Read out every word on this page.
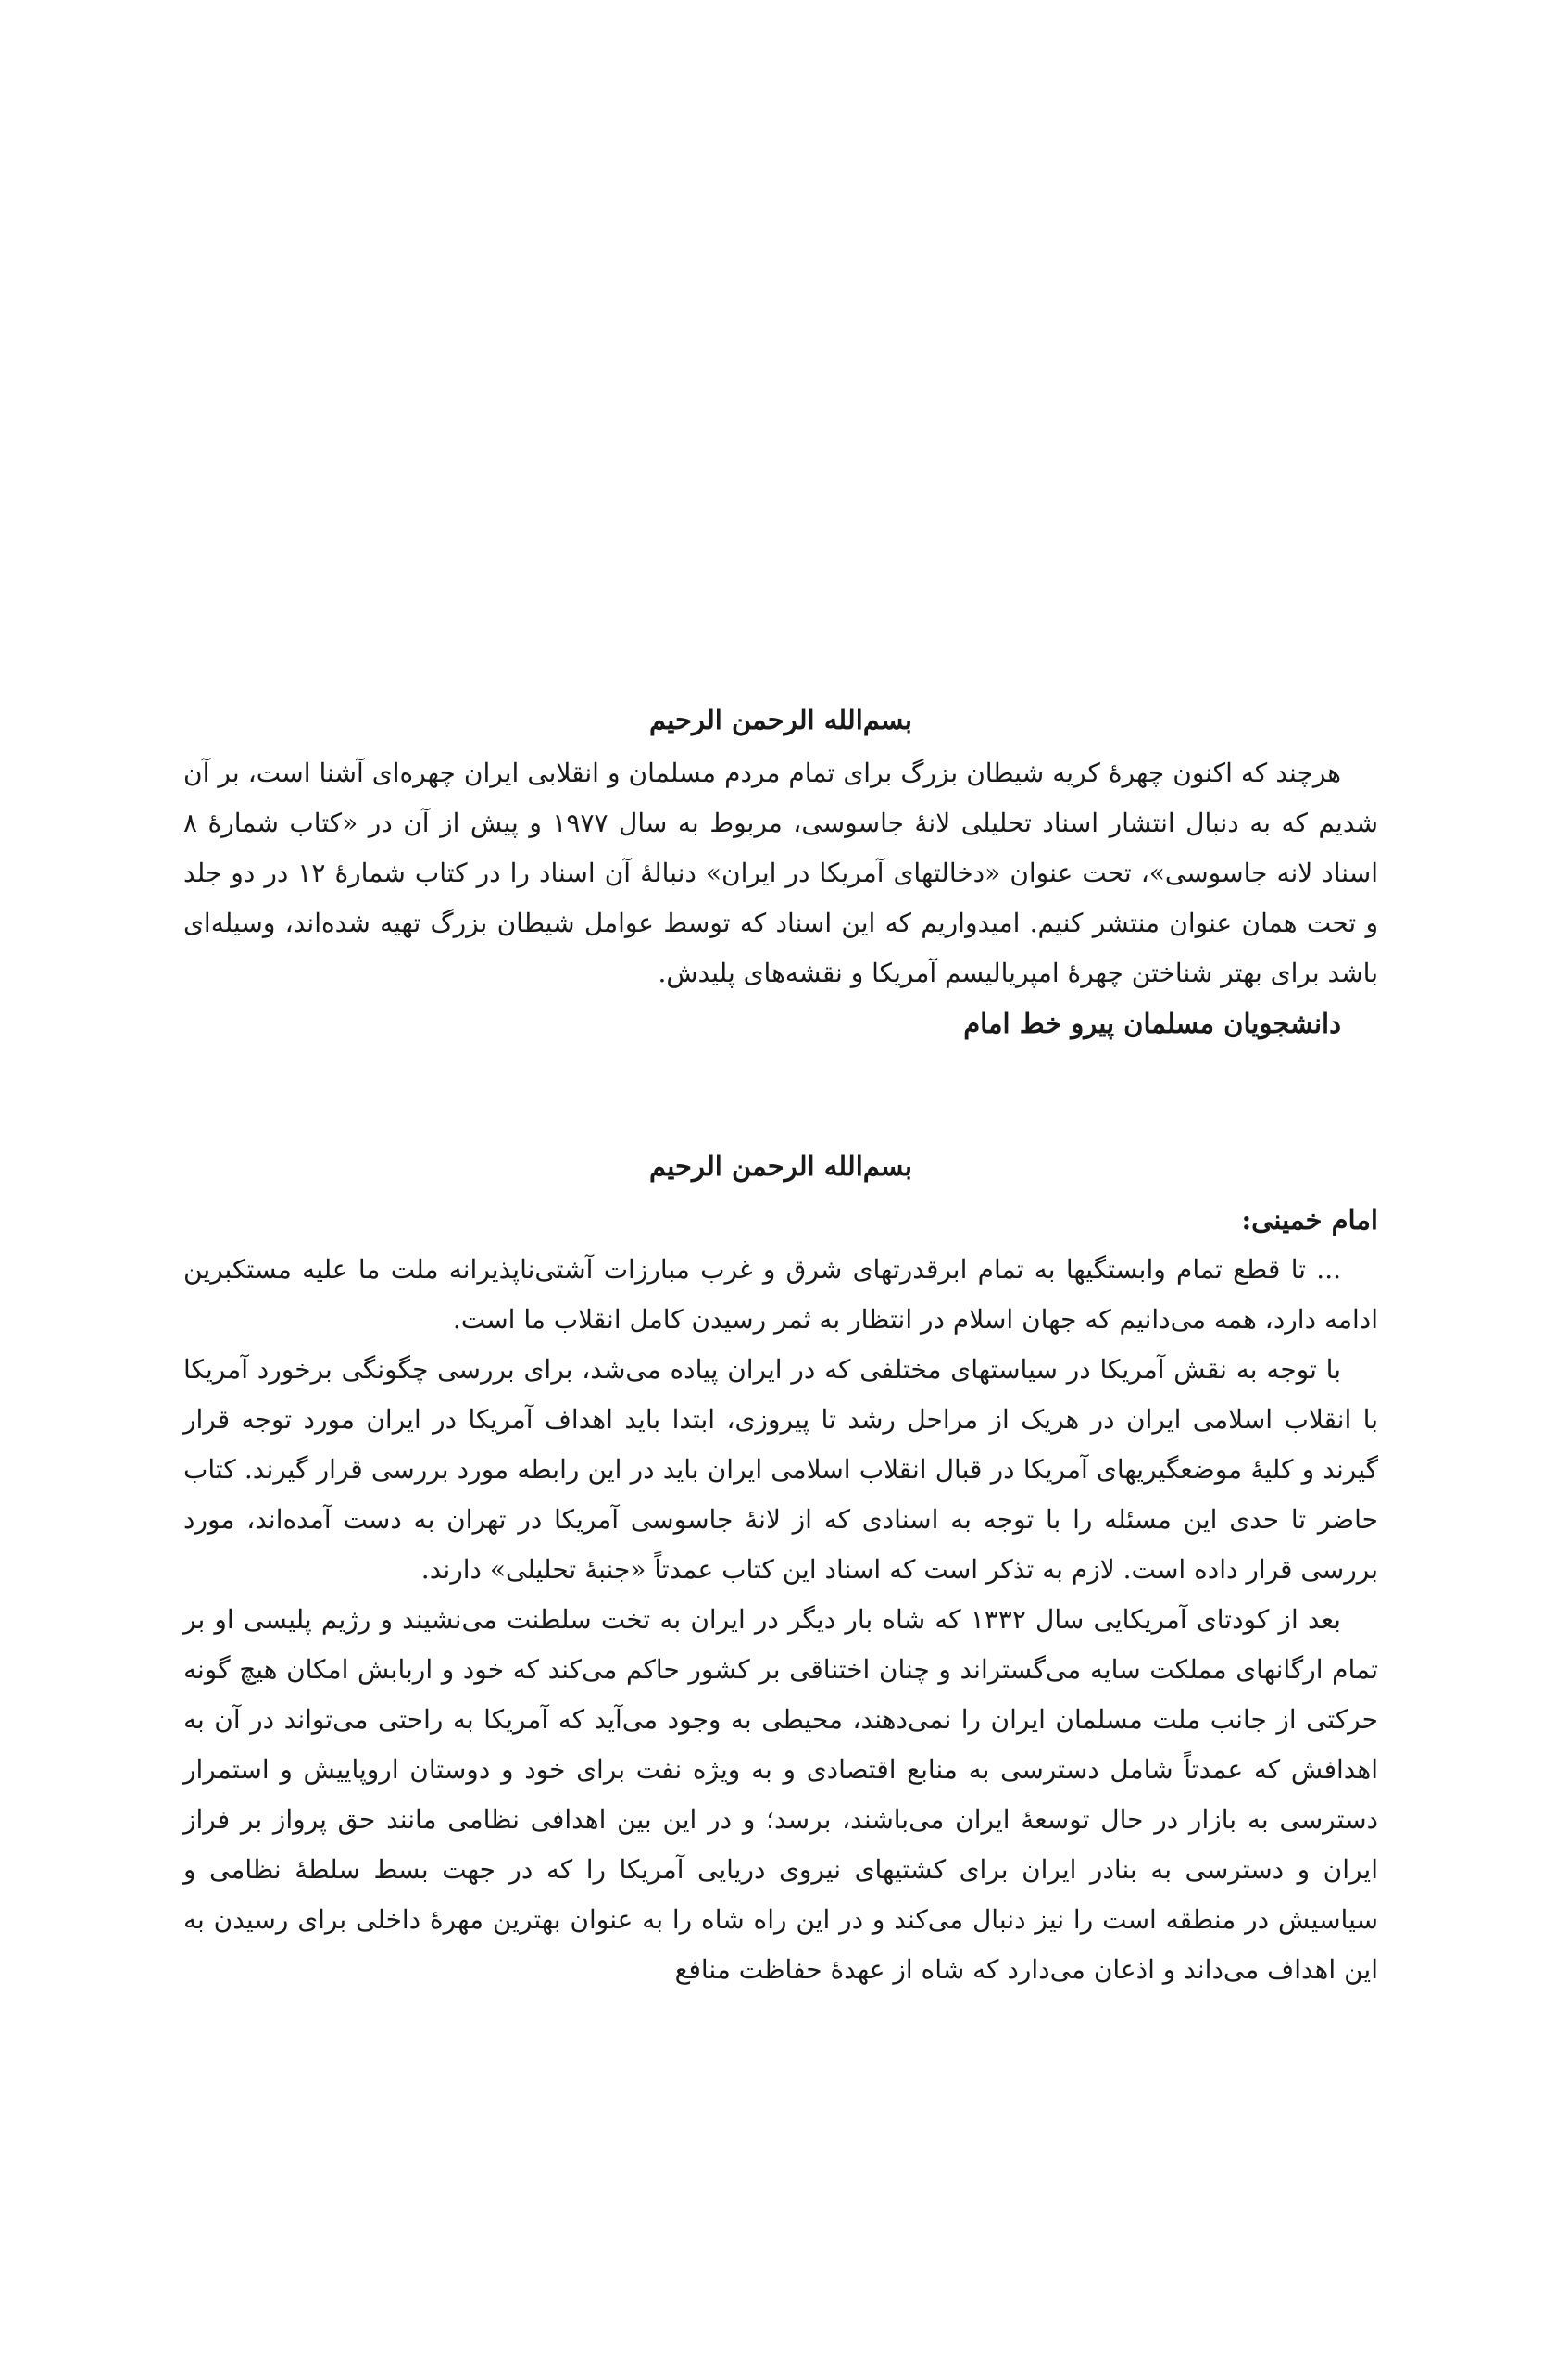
بسم‌الله الرحمن الرحیم

هرچند که اکنون چهرهٔ کریه شیطان بزرگ برای تمام مردم مسلمان و انقلابی ایران چهره‌ای آشنا است، بر آن شدیم که به دنبال انتشار اسناد تحلیلی لانهٔ جاسوسی، مربوط به سال ۱۹۷۷ و پیش از آن در «کتاب شمارهٔ ۸ اسناد لانه جاسوسی»، تحت عنوان «دخالتهای آمریکا در ایران» دنبالهٔ آن اسناد را در کتاب شمارهٔ ۱۲ در دو جلد و تحت همان عنوان منتشر کنیم. امیدواریم که این اسناد که توسط عوامل شیطان بزرگ تهیه شده‌اند، وسیله‌ای باشد برای بهتر شناختن چهرهٔ امپریالیسم آمریکا و نقشه‌های پلیدش.

دانشجویان مسلمان پیرو خط امام

بسم‌الله الرحمن الرحیم

امام خمینی:

... تا قطع تمام وابستگیها به تمام ابرقدرتهای شرق و غرب مبارزات آشتی‌ناپذیرانه ملت ما علیه مستکبرین ادامه دارد، همه می‌دانیم که جهان اسلام در انتظار به ثمر رسیدن کامل انقلاب ما است.

با توجه به نقش آمریکا در سیاستهای مختلفی که در ایران پیاده می‌شد، برای بررسی چگونگی برخورد آمریکا با انقلاب اسلامی ایران در هریک از مراحل رشد تا پیروزی، ابتدا باید اهداف آمریکا در ایران مورد توجه قرار گیرند و کلیهٔ موضعگیریهای آمریکا در قبال انقلاب اسلامی ایران باید در این رابطه مورد بررسی قرار گیرند. کتاب حاضر تا حدی این مسئله را با توجه به اسنادی که از لانهٔ جاسوسی آمریکا در تهران به دست آمده‌اند، مورد بررسی قرار داده است. لازم به تذکر است که اسناد این کتاب عمدتاً «جنبهٔ تحلیلی» دارند.

بعد از کودتای آمریکایی سال ۱۳۳۲ که شاه بار دیگر در ایران به تخت سلطنت می‌نشیند و رژیم پلیسی او بر تمام ارگانهای مملکت سایه می‌گستراند و چنان اختناقی بر کشور حاکم می‌کند که خود و اربابش امکان هیچ گونه حرکتی از جانب ملت مسلمان ایران را نمی‌دهند، محیطی به وجود می‌آید که آمریکا به راحتی می‌تواند در آن به اهدافش که عمدتاً شامل دسترسی به منابع اقتصادی و به ویژه نفت برای خود و دوستان اروپاییش و استمرار دسترسی به بازار در حال توسعهٔ ایران می‌باشند، برسد؛ و در این بین اهدافی نظامی مانند حق پرواز بر فراز ایران و دسترسی به بنادر ایران برای کشتیهای نیروی دریایی آمریکا را که در جهت بسط سلطهٔ نظامی و سیاسیش در منطقه است را نیز دنبال می‌کند و در این راه شاه را به عنوان بهترین مهرهٔ داخلی برای رسیدن به این اهداف می‌داند و اذعان می‌دارد که شاه از عهدهٔ حفاظت منافع
